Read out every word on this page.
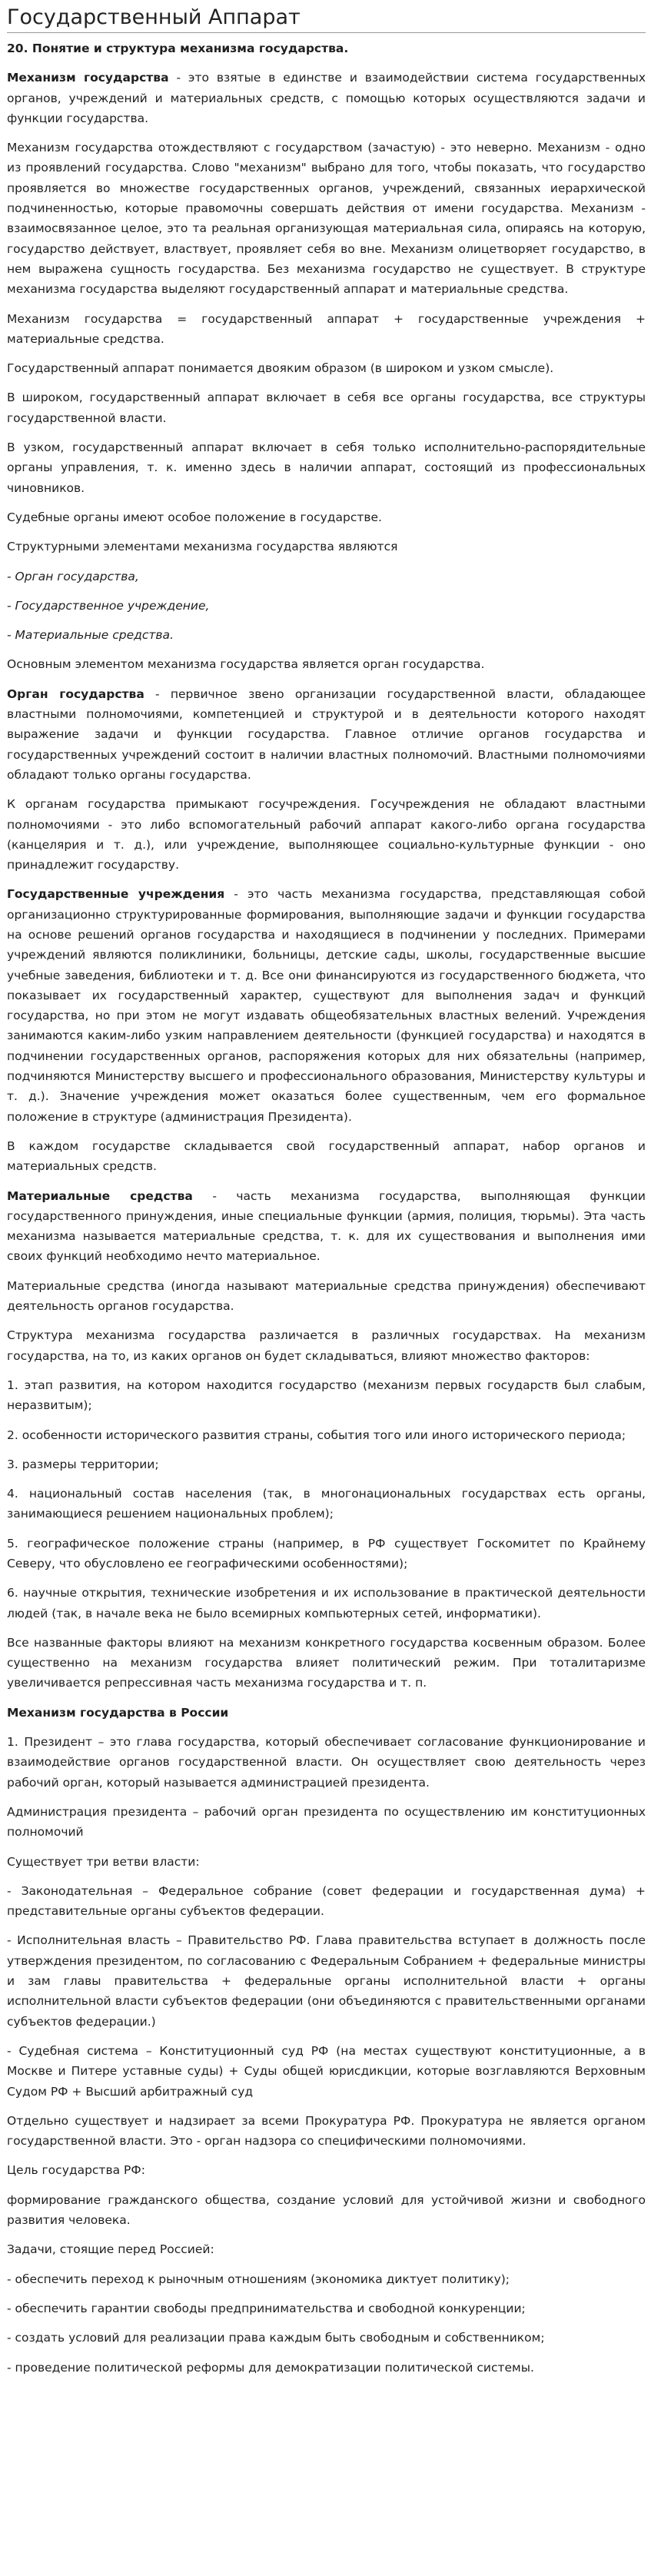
Государственный Аппарат

20. Понятие и структура механизма государства.

Механизм государства - это взятые в единстве и взаимодействии система государственных органов, учреждений и материальных средств, с помощью которых осуществляются задачи и функции государства.

Механизм государства отождествляют с государством (зачастую) - это неверно. Механизм - одно из проявлений государства. Слово "механизм" выбрано для того, чтобы показать, что государство проявляется во множестве государственных органов, учреждений, связанных иерархической подчиненностью, которые правомочны совершать действия от имени государства. Механизм - взаимосвязанное целое, это та реальная организующая материальная сила, опираясь на которую, государство действует, властвует, проявляет себя во вне. Механизм олицетворяет государство, в нем выражена сущность государства. Без механизма государство не существует. В структуре механизма государства выделяют государственный аппарат и материальные средства.

Механизм государства = государственный аппарат + государственные учреждения + материальные средства.

Государственный аппарат понимается двояким образом (в широком и узком смысле).

В широком, государственный аппарат включает в себя все органы государства, все структуры государственной власти.

В узком, государственный аппарат включает в себя только исполнительно-распорядительные органы управления, т. к. именно здесь в наличии аппарат, состоящий из профессиональных чиновников.

Судебные органы имеют особое положение в государстве.

Структурными элементами механизма государства являются

- Орган государства,

- Государственное учреждение,

- Материальные средства.

Основным элементом механизма государства является орган государства.

Орган государства - первичное звено организации государственной власти, обладающее властными полномочиями, компетенцией и структурой и в деятельности которого находят выражение задачи и функции государства. Главное отличие органов государства и государственных учреждений состоит в наличии властных полномочий. Властными полномочиями обладают только органы государства.

К органам государства примыкают госучреждения. Госучреждения не обладают властными полномочиями - это либо вспомогательный рабочий аппарат какого-либо органа государства (канцелярия и т. д.), или учреждение, выполняющее социально-культурные функции - оно принадлежит государству.

Государственные учреждения - это часть механизма государства, представляющая собой организационно структурированные формирования, выполняющие задачи и функции государства на основе решений органов государства и находящиеся в подчинении у последних. Примерами учреждений являются поликлиники, больницы, детские сады, школы, государственные высшие учебные заведения, библиотеки и т. д. Все они финансируются из государственного бюджета, что показывает их государственный характер, существуют для выполнения задач и функций государства, но при этом не могут издавать общеобязательных властных велений. Учреждения занимаются каким-либо узким направлением деятельности (функцией государства) и находятся в подчинении государственных органов, распоряжения которых для них обязательны (например, подчиняются Министерству высшего и профессионального образования, Министерству культуры и т. д.). Значение учреждения может оказаться более существенным, чем его формальное положение в структуре (администрация Президента).

В каждом государстве складывается свой государственный аппарат, набор органов и материальных средств.

Материальные средства - часть механизма государства, выполняющая функции государственного принуждения, иные специальные функции (армия, полиция, тюрьмы). Эта часть механизма называется материальные средства, т. к. для их существования и выполнения ими своих функций необходимо нечто материальное.

Материальные средства (иногда называют материальные средства принуждения) обеспечивают деятельность органов государства.

Структура механизма государства различается в различных государствах. На механизм государства, на то, из каких органов он будет складываться, влияют множество факторов:

1. этап развития, на котором находится государство (механизм первых государств был слабым, неразвитым);

2. особенности исторического развития страны, события того или иного исторического периода;

3. размеры территории;

4. национальный состав населения (так, в многонациональных государствах есть органы, занимающиеся решением национальных проблем);

5. географическое положение страны (например, в РФ существует Госкомитет по Крайнему Северу, что обусловлено ее географическими особенностями);

6. научные открытия, технические изобретения и их использование в практической деятельности людей (так, в начале века не было всемирных компьютерных сетей, информатики).

Все названные факторы влияют на механизм конкретного государства косвенным образом. Более существенно на механизм государства влияет политический режим. При тоталитаризме увеличивается репрессивная часть механизма государства и т. п.

Механизм государства в России

1. Президент – это глава государства, который обеспечивает согласование функционирование и взаимодействие органов государственной власти. Он осуществляет свою деятельность через рабочий орган, который называется администрацией президента.

Администрация президента – рабочий орган президента по осуществлению им конституционных полномочий

Существует три ветви власти:

- Законодательная – Федеральное собрание (совет федерации и государственная дума) + представительные органы субъектов федерации.

- Исполнительная власть – Правительство РФ. Глава правительства вступает в должность после утверждения президентом, по согласованию с Федеральным Собранием + федеральные министры и зам главы правительства + федеральные органы исполнительной власти + органы исполнительной власти субъектов федерации (они объединяются с правительственными органами субъектов федерации.)

- Судебная система – Конституционный суд РФ (на местах существуют конституционные, а в Москве и Питере уставные суды) + Суды общей юрисдикции, которые возглавляются Верховным Судом РФ + Высший арбитражный суд

Отдельно существует и надзирает за всеми Прокуратура РФ. Прокуратура не является органом государственной власти. Это - орган надзора со специфическими полномочиями.

Цель государства РФ:

формирование гражданского общества, создание условий для устойчивой жизни и свободного развития человека.

Задачи, стоящие перед Россией:

- обеспечить переход к рыночным отношениям (экономика диктует политику);

- обеспечить гарантии свободы предпринимательства и свободной конкуренции;

- создать условий для реализации права каждым быть свободным и собственником;

- проведение политической реформы для демократизации политической системы.
